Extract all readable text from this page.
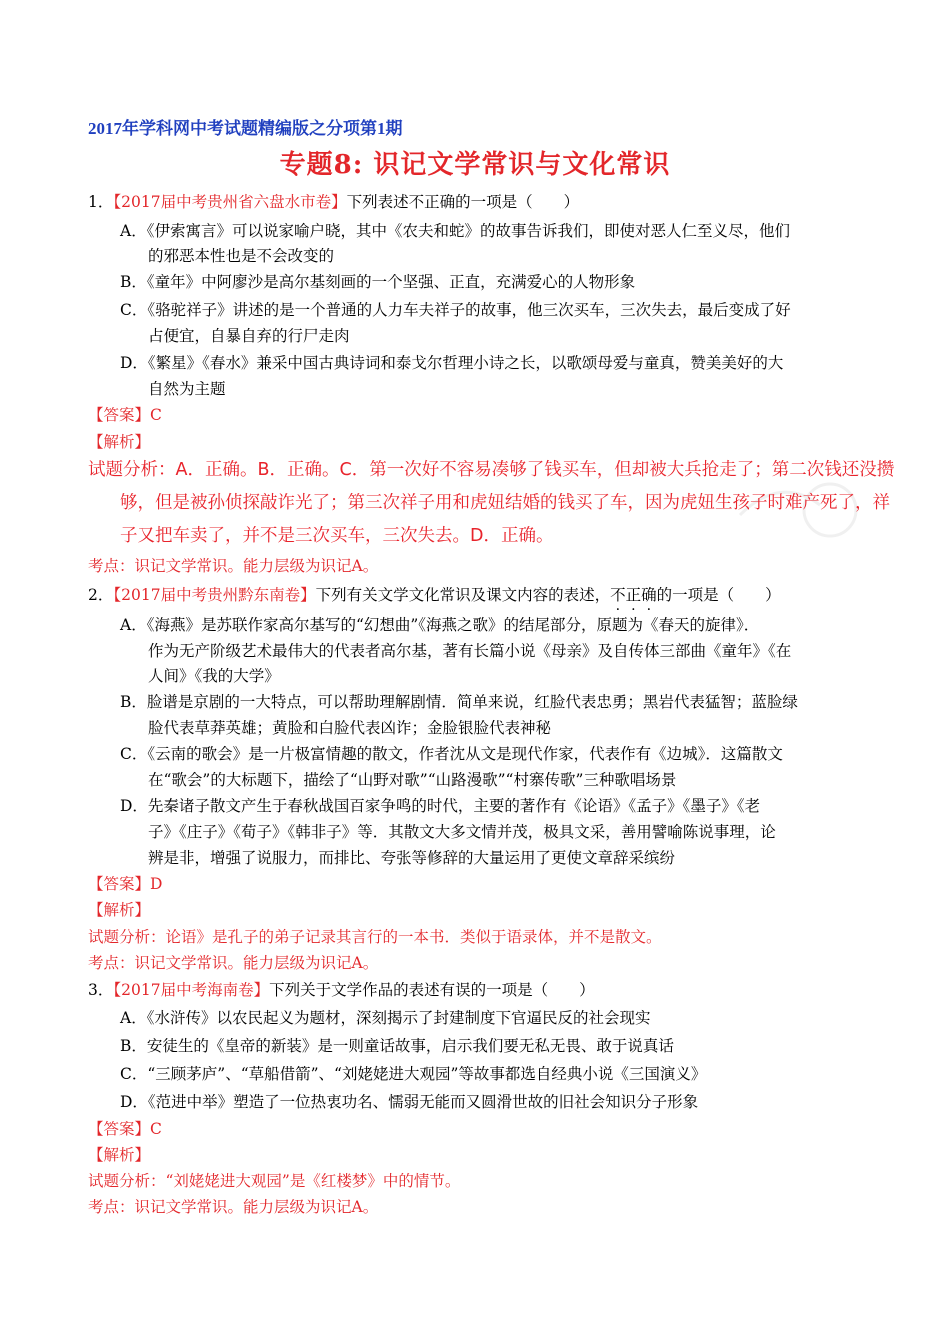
2017年学科网中考试题精编版之分项第1期
专题8: 识记文学常识与文化常识
1．【2017届中考贵州省六盘水市卷】下列表述不正确的一项是（　　）
A．《伊索寓言》可以说家喻户晓，其中《农夫和蛇》的故事告诉我们，即使对恶人仁至义尽，他们
的邪恶本性也是不会改变的
B．《童年》中阿廖沙是高尔基刻画的一个坚强、正直，充满爱心的人物形象
C．《骆驼祥子》讲述的是一个普通的人力车夫祥子的故事，他三次买车，三次失去，最后变成了好
占便宜，自暴自弃的行尸走肉
D．《繁星》《春水》兼采中国古典诗词和泰戈尔哲理小诗之长，以歌颂母爱与童真，赞美美好的大
自然为主题
【答案】C
【解析】
试题分析：A．正确。B．正确。C．第一次好不容易凑够了钱买车，但却被大兵抢走了；第二次钱还没攒
够，但是被孙侦探敲诈光了；第三次祥子用和虎妞结婚的钱买了车，因为虎妞生孩子时难产死了，祥
子又把车卖了，并不是三次买车，三次失去。D．正确。
考点：识记文学常识。能力层级为识记A。
2．【2017届中考贵州黔东南卷】下列有关文学文化常识及课文内容的表述，不正确的一项是（　　）
A．《海燕》是苏联作家高尔基写的“幻想曲”《海燕之歌》的结尾部分，原题为《春天的旋律》．
作为无产阶级艺术最伟大的代表者高尔基，著有长篇小说《母亲》及自传体三部曲《童年》《在
人间》《我的大学》
B．脸谱是京剧的一大特点，可以帮助理解剧情．简单来说，红脸代表忠勇；黑岩代表猛智；蓝脸绿
脸代表草莽英雄；黄脸和白脸代表凶诈；金脸银脸代表神秘
C．《云南的歌会》是一片极富情趣的散文，作者沈从文是现代作家，代表作有《边城》．这篇散文
在“歌会”的大标题下，描绘了“山野对歌”“山路漫歌”“村寨传歌”三种歌唱场景
D．先秦诸子散文产生于春秋战国百家争鸣的时代，主要的著作有《论语》《孟子》《墨子》《老
子》《庄子》《荀子》《韩非子》等．其散文大多文情并茂，极具文采，善用譬喻陈说事理，论
辨是非，增强了说服力，而排比、夸张等修辞的大量运用了更使文章辞采缤纷
【答案】D
【解析】
试题分析：论语》是孔子的弟子记录其言行的一本书．类似于语录体，并不是散文。
考点：识记文学常识。能力层级为识记A。
3．【2017届中考海南卷】下列关于文学作品的表述有误的一项是（　　）
A．《水浒传》以农民起义为题材，深刻揭示了封建制度下官逼民反的社会现实
B．安徒生的《皇帝的新装》是一则童话故事，启示我们要无私无畏、敢于说真话
C．“三顾茅庐”、“草船借箭”、“刘姥姥进大观园”等故事都选自经典小说《三国演义》
D．《范进中举》塑造了一位热衷功名、懦弱无能而又圆滑世故的旧社会知识分子形象
【答案】C
【解析】
试题分析：“刘姥姥进大观园”是《红楼梦》中的情节。
考点：识记文学常识。能力层级为识记A。
